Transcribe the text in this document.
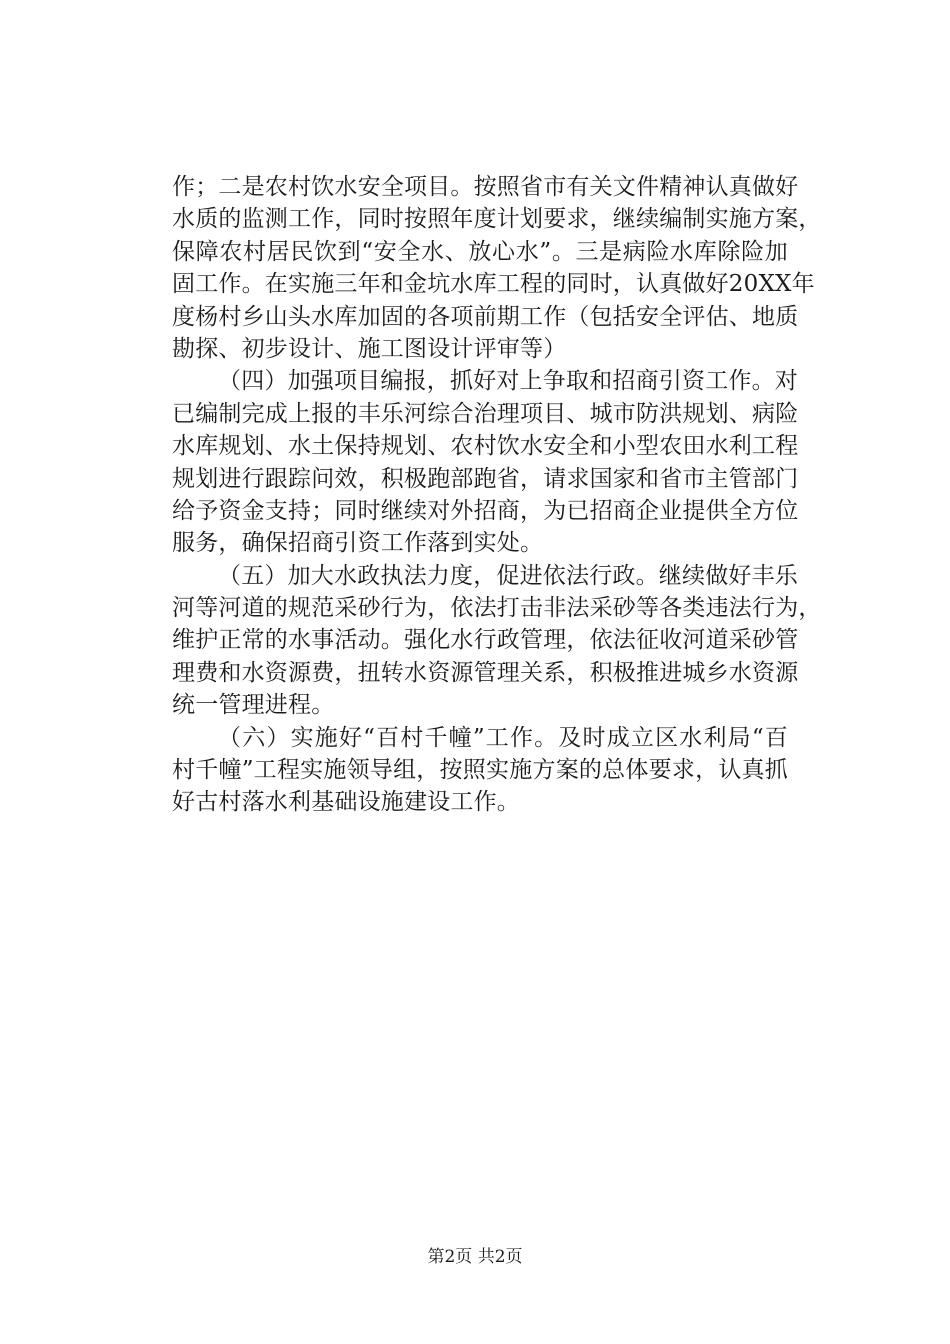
作；二是农村饮水安全项目。按照省市有关文件精神认真做好
水质的监测工作，同时按照年度计划要求，继续编制实施方案，
保障农村居民饮到“安全水、放心水”。三是病险水库除险加
固工作。在实施三年和金坑水库工程的同时，认真做好20XX年
度杨村乡山头水库加固的各项前期工作（包括安全评估、地质
勘探、初步设计、施工图设计评审等）
（四）加强项目编报，抓好对上争取和招商引资工作。对
已编制完成上报的丰乐河综合治理项目、城市防洪规划、病险
水库规划、水土保持规划、农村饮水安全和小型农田水利工程
规划进行跟踪问效，积极跑部跑省，请求国家和省市主管部门
给予资金支持；同时继续对外招商，为已招商企业提供全方位
服务，确保招商引资工作落到实处。
（五）加大水政执法力度，促进依法行政。继续做好丰乐
河等河道的规范采砂行为，依法打击非法采砂等各类违法行为，
维护正常的水事活动。强化水行政管理，依法征收河道采砂管
理费和水资源费，扭转水资源管理关系，积极推进城乡水资源
统一管理进程。
（六）实施好“百村千幢”工作。及时成立区水利局“百
村千幢”工程实施领导组，按照实施方案的总体要求，认真抓
好古村落水利基础设施建设工作。
第2页 共2页
